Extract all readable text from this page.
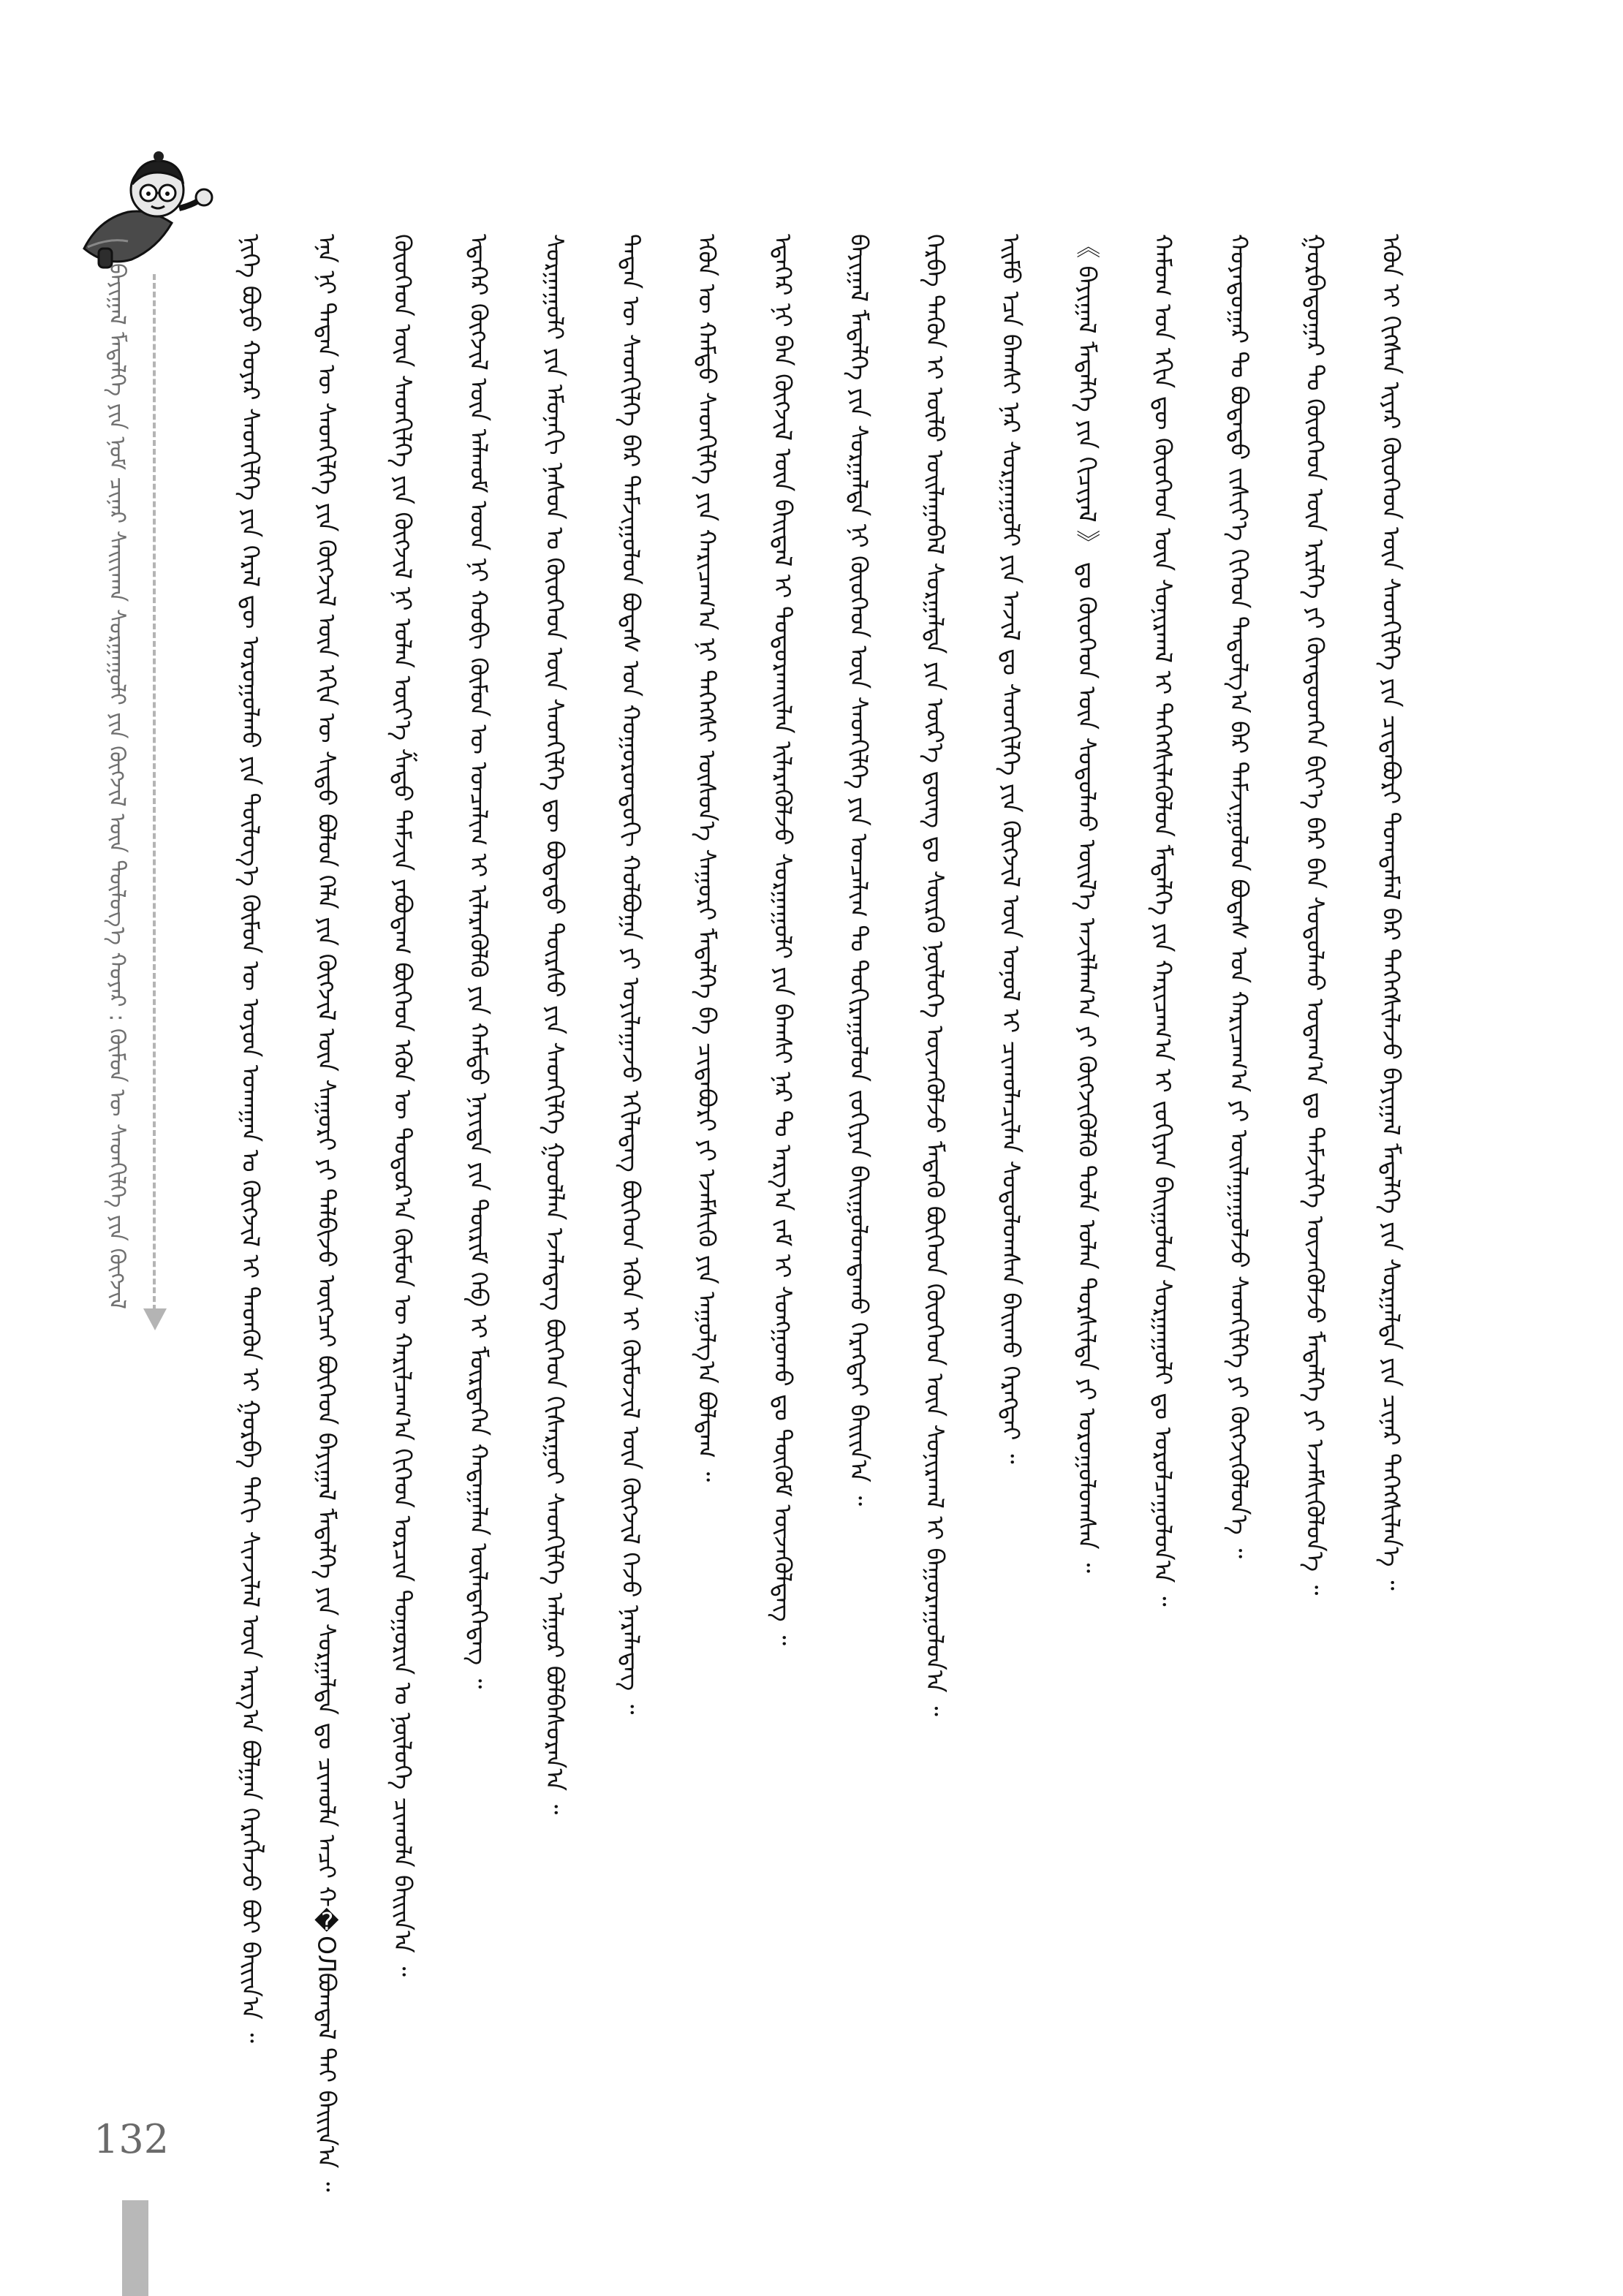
ᠪᠠᠶᠢᠭᠠᠯ ᠮᠡᠳᠡᠯᠭᠡ ᠶᠢᠨ ᠨᠣᠮ ᠴᠢᠨᠠᠷ ᠰᠠᠢᠢᠬᠠᠨ ᠰᠤᠷᠭᠠᠭᠤᠯᠢ ᠶᠢᠨ ᠬᠥᠭᠵᠢᠯ ᠦᠨ ᠲᠥᠯᠥᠭ᠎ᠡ ᠬᠣᠶᠠᠷ : ᠬᠦᠮᠦᠨ ᠦ ᠰᠡᠳᠬᠢᠯᠭᠡ ᠶᠢᠨ ᠬᠥᠭᠵᠢᠯ	ᠨᠢᠭᠡ ᠪᠤᠶᠤ ᠬᠣᠶᠠᠷ ᠰᠡᠳᠬᠢᠯᠭᠡ ᠶᠢᠨ ᠭᠡᠷᠡᠯ ᠳᠦ ᠣᠷᠤᠭᠤᠯᠬᠤ ᠶᠢᠨ ᠲᠥᠯᠥᠭ᠎ᠡ ᠬᠦᠮᠦᠨ ᠦ ᠣᠶᠤᠨ ᠤᠬᠠᠭᠠᠨ ᠤ ᠬᠥᠭᠵᠢᠯ ᠢ ᠲᠡᠳᠭᠦᠨ ᠢ ᠭᠤᠷᠪᠠ ᠳᠠᠬᠢ ᠰᠢᠨᠵᠢᠯᠡᠯ ᠦᠨ ᠠᠷᠭ᠎ᠠ ᠪᠣᠯᠭᠠᠨ ᠬᠡᠷᠡᠭᠯᠡᠵᠦ ᠪᠣᠢ ᠪᠠᠢᠢᠨ᠎ᠠ ᠃ ᠡᠨᠡ ᠨᠢ ᠲᠡᠳᠡᠨ ᠦ ᠰᠡᠳᠬᠢᠯᠭᠡ ᠶᠢᠨ ᠬᠥᠭᠵᠢᠯ ᠦᠨ ᠡᠬᠢᠨ ᠦ ᠰᠢᠲᠦ ᠪᠤᠯᠤᠨ ᠬᠡᠯᠡ ᠶᠢᠨ ᠬᠥᠭᠵᠢᠯ ᠦᠨ ᠰᠠᠭᠤᠷᠢ ᠶᠢ ᠲᠠᠯᠪᠢᠵᠤ ᠥᠭᠴᠡᠢ ᠪᠥᠭᠡᠳ ᠪᠠᠶᠢᠭᠠᠯ ᠮᠡᠳᠡᠯᠭᠡ ᠶᠢᠨ ᠰᠤᠷᠭᠠᠯᠲᠠ ᠳᠤ ᠴᠢᠬᠤᠯᠠ ᠠᠴᠢ ᠬ�ОЛᠪᠤᠭᠳᠠᠯ ᠲᠠᠢ ᠪᠠᠢᠢᠨ᠎ᠠ ᠃ ᠬᠦᠦᠬᠡᠳ ᠦᠨ ᠰᠡᠳᠬᠢᠯᠭᠡ ᠶᠢᠨ ᠬᠥᠭᠵᠢᠯ ᠨᠢ ᠣᠯᠠᠨ ᠦᠶ᠎ᠡ ᠱᠠᠲᠤ ᠳᠠᠮᠵᠢᠨ ᠶᠠᠪᠤᠳᠠᠭ ᠪᠥᠭᠡᠳ ᠡᠭᠦᠨ ᠦ ᠳᠣᠲᠣᠷ᠎ᠠ ᠬᠦᠮᠦᠨ ᠦ ᠬᠠᠷᠢᠯᠴᠠᠭ᠎ᠠ ᠬᠢᠬᠡᠳ ᠣᠷᠴᠢᠨ ᠲᠣᠭᠣᠷᠢᠨ ᠤ ᠨᠥᠯᠥᠭᠡ ᠴᠢᠬᠤᠯᠠ ᠪᠠᠢᠢᠨ᠎ᠠ ᠃ ᠡᠳᠡᠭᠡᠷ ᠬᠥᠭᠵᠢᠯ ᠦᠨ ᠠᠯᠬᠤᠮ ᠤᠳ ᠨᠢ ᠬᠤᠪᠢ ᠬᠦᠮᠦᠨ ᠦ ᠣᠨᠴᠠᠯᠢᠭ ᠢ ᠢᠯᠡᠷᠡᠭᠦᠯᠬᠦ ᠶᠢᠨ ᠬᠠᠮᠲᠤ ᠨᠡᠶᠢᠲᠡ ᠶᠢᠨ ᠳᠦᠷᠢᠮ ᠬᠡᠪ ᠢ ᠮᠥᠷᠲᠡᠭᠡᠨ ᠬᠠᠳᠠᠭᠠᠯᠠᠨ ᠦᠯᠡᠳᠡᠭᠡᠳᠡᠭ ᠃ ᠰᠤᠷᠭᠠᠭᠤᠯᠢ ᠶᠢᠨ ᠡᠮᠦᠨᠡᠬᠢ ᠨᠠᠰᠤᠨ ᠤ ᠬᠦᠦᠬᠡᠳ ᠦᠨ ᠰᠡᠳᠬᠢᠯᠭᠡ ᠳᠦ ᠪᠣᠳᠠᠲᠤ ᠳᠦᠷᠰᠦ ᠶᠢᠨ ᠰᠡᠳᠬᠢᠯᠭᠡ ᠭᠣᠣᠯᠯᠠᠨ ᠡᠵᠡᠯᠡᠳᠡᠭ ᠪᠥᠭᠡᠳ ᠬᠢᠰᠠᠷᠭᠤᠢ ᠰᠡᠳᠬᠢᠯᠭᠡ ᠠᠯᠭᠤᠷ ᠪᠣᠯᠪᠠᠰᠤᠷᠠᠨ᠎ᠠ ᠃ ᠲᠡᠳᠡᠨ ᠦ ᠰᠡᠳᠬᠢᠯᠭᠡ ᠪᠡᠷ ᠳᠠᠮᠵᠢᠭᠤᠯᠤᠨ ᠪᠣᠳᠠᠰ ᠤᠨ ᠬᠣᠭᠣᠷᠣᠨᠳᠤᠬᠢ ᠬᠣᠯᠪᠣᠭᠠ ᠶᠢ ᠣᠶᠢᠯᠠᠭᠠᠵᠤ ᠡᠬᠢᠯᠡᠳᠡᠭ ᠪᠥᠭᠡᠳ ᠡᠭᠦᠨ ᠢ ᠬᠦᠮᠦᠵᠢᠯ ᠦᠨ ᠬᠥᠭᠵᠢᠯ ᠭᠡᠵᠦ ᠨᠡᠷᠡᠯᠡᠳᠡᠭ ᠃ ᠡᠭᠦᠨ ᠦ ᠬᠠᠮᠲᠤ ᠰᠡᠳᠬᠢᠯᠭᠡ ᠶᠢᠨ ᠬᠠᠷᠢᠴᠠᠭ᠎ᠠ ᠨᠢ ᠳᠡᠭᠡᠭᠰᠢ ᠥᠰᠦᠨ᠎ᠡ ᠰᠠᠭᠤᠷᠢ ᠮᠡᠳᠡᠯᠭᠡ ᠪᠠ ᠴᠢᠳᠠᠪᠤᠷᠢ ᠶᠢ ᠡᠵᠡᠮᠰᠢᠬᠦ ᠶᠢᠨ ᠠᠭᠤᠯᠭ᠎ᠠ ᠪᠣᠯᠳᠠᠭ ᠃ ᠡᠳᠡᠭᠡᠷ ᠨᠢ ᠪᠡᠨ ᠬᠥᠭᠵᠢᠯ ᠦᠨ ᠪᠠᠢᠳᠠᠯ ᠢ ᠲᠣᠳᠣᠷᠬᠠᠢᠯᠠᠨ ᠢᠯᠡᠷᠡᠭᠦᠯᠵᠦ ᠰᠤᠷᠭᠠᠭᠤᠯᠢ ᠶᠢᠨ ᠪᠠᠭᠰᠢ ᠨᠠᠷ ᠲᠤ ᠠᠷᠭ᠎ᠠ ᠵᠠᠮ ᠢ ᠰᠣᠩᠭᠣᠬᠤ ᠳᠤ ᠳᠥᠬᠦᠮ ᠦᠵᠡᠭᠦᠯᠳᠡᠭ ᠃ ᠪᠠᠶᠢᠭᠠᠯ ᠮᠡᠳᠡᠯᠭᠡ ᠶᠢᠨ ᠰᠤᠷᠭᠠᠯᠲᠠ ᠨᠢ ᠬᠦᠦᠬᠡᠳ ᠦᠨ ᠰᠡᠳᠬᠢᠯᠭᠡ ᠶᠢᠨ ᠣᠨᠴᠠᠯᠢᠭ ᠲᠤ ᠲᠣᠬᠢᠷᠠᠭᠤᠯᠤᠨ ᠵᠣᠬᠢᠶᠠᠨ ᠪᠠᠢᠭᠤᠯᠤᠭᠳᠠᠬᠤ ᠬᠡᠷᠡᠭᠲᠡᠢ ᠪᠠᠢᠢᠨ᠎ᠠ ᠃ ᠬᠡᠷᠪᠡ ᠲᠡᠭᠦᠨ ᠢ ᠦᠯᠦ ᠣᠢᠯᠠᠭᠠᠪᠠᠯ ᠰᠤᠷᠭᠠᠯᠲᠠ ᠶᠢᠨ ᠦᠷ᠎ᠡ ᠳ᠋ᠦᠩ ᠳᠤ ᠰᠥᠷᠭᠦ ᠨᠥᠯᠥᠭᠡ ᠦᠵᠡᠭᠦᠯᠵᠦ ᠮᠡᠳᠡᠬᠦ ᠪᠥᠭᠡᠳ ᠬᠦᠦᠬᠡᠳ ᠦᠨ ᠰᠣᠨᠢᠷᠬᠠᠯ ᠢ ᠪᠠᠭᠤᠷᠠᠭᠤᠯᠤᠨ᠎ᠠ ᠃ ᠡᠢᠮᠦ ᠡᠴᠡ ᠪᠠᠭᠰᠢ ᠨᠠᠷ ᠰᠤᠷᠭᠠᠭᠤᠯᠢ ᠶᠢᠨ ᠠᠵᠢᠯ ᠳᠤ ᠰᠡᠳᠬᠢᠯᠭᠡ ᠶᠢᠨ ᠬᠥᠭᠵᠢᠯ ᠦᠨ ᠣᠨᠣᠯ ᠢ ᠴᠢᠬᠤᠯᠠᠴᠢᠯᠠᠨ ᠰᠤᠳᠤᠯᠤᠭᠰᠠᠨ ᠪᠠᠢᠬᠤ ᠬᠡᠷᠡᠭᠲᠡᠢ ᠃ 《 ᠪᠠᠶᠢᠭᠠᠯ ᠮᠡᠳᠡᠯᠭᠡ ᠶᠢᠨ ᠬᠢᠴᠢᠶᠡᠯ 》 ᠳᠤ ᠬᠦᠦᠬᠡᠳ ᠦᠨ ᠰᠤᠳᠤᠯᠬᠤ ᠦᠢᠯ᠎ᠡ ᠠᠵᠢᠯᠯᠠᠭ᠎ᠠ ᠶᠢ ᠬᠥᠭᠵᠢᠭᠦᠯᠬᠦ ᠲᠤᠯᠠ ᠣᠯᠠᠨ ᠲᠤᠷᠰᠢᠯᠲᠠ ᠶᠢ ᠣᠷᠣᠭᠤᠯᠤᠭᠰᠠᠨ ᠃ ᠬᠠᠮᠤᠭ ᠤᠨ ᠡᠬᠢᠨ ᠳᠦ ᠬᠦᠦᠬᠡᠳ ᠦᠨ ᠰᠣᠨᠢᠷᠬᠠᠯ ᠢ ᠳᠡᠭᠡᠭᠰᠢᠯᠡᠭᠦᠯᠦᠨ ᠮᠡᠳᠡᠯᠭᠡ ᠶᠢᠨ ᠬᠠᠷᠢᠴᠠᠭ᠎ᠠ ᠢ ᠵᠣᠬᠢᠶᠠᠨ ᠪᠠᠢᠭᠤᠯᠤᠨ ᠰᠤᠷᠭᠠᠭᠤᠯᠢ ᠳᠤ ᠣᠷᠣᠯᠴᠠᠭᠤᠯᠤᠨ᠎ᠠ ᠃ ᠬᠣᠶᠠᠳᠤᠭᠠᠷ ᠲᠤ ᠪᠣᠳᠠᠲᠤ ᠵᠢᠱᠢᠶ᠎ᠡ ᠬᠢᠭᠡᠳ ᠳᠠᠳᠤᠯᠭ᠎ᠠ ᠪᠡᠷ ᠳᠠᠮᠵᠢᠭᠤᠯᠤᠨ ᠪᠣᠳᠠᠰ ᠤᠨ ᠬᠠᠷᠢᠴᠠᠭ᠎ᠠ ᠶᠢ ᠤᠢᠯᠠᠭᠠᠭᠤᠯᠵᠤ ᠰᠡᠳᠬᠢᠯᠭᠡ ᠶᠢ ᠬᠥᠭᠵᠢᠭᠦᠯᠦᠨ᠎ᠡ ᠃ ᠭᠤᠷᠪᠠᠳᠤᠭᠠᠷ ᠲᠤ ᠬᠦᠦᠬᠡᠳ ᠦᠨ ᠡᠷᠢᠯᠬᠡ ᠶᠢ ᠬᠦᠨᠳᠦᠳᠬᠡᠨ ᠪᠢᠶ᠎ᠡ ᠪᠡᠷ ᠪᠡᠨ ᠰᠤᠳᠤᠯᠬᠤ ᠤᠳᠠᠭ᠎ᠠ ᠳᠤ ᠳᠡᠮᠵᠢᠯᠭᠡ ᠦᠵᠡᠭᠦᠯᠵᠦ ᠮᠡᠳᠡᠯᠭᠡ ᠶᠢ ᠡᠵᠡᠮᠰᠢᠭᠦᠯᠦᠨ᠎ᠡ ᠃ ᠡᠭᠦᠨ ᠢ ᠬᠢᠭᠰᠡᠨ ᠢᠶᠡᠷ ᠬᠦᠦᠬᠡᠳ ᠦᠨ ᠰᠡᠳᠬᠢᠯᠭᠡ ᠶᠢᠨ ᠴᠢᠳᠠᠪᠤᠷᠢ ᠲᠣᠭᠲᠠᠮᠠᠯ ᠪᠠᠷ ᠳᠡᠭᠡᠭᠰᠢᠯᠡᠵᠦ ᠪᠠᠶᠢᠭᠠᠯ ᠮᠡᠳᠡᠯᠭᠡ ᠶᠢᠨ ᠰᠤᠷᠭᠠᠯᠲᠠ ᠶᠢᠨ ᠴᠢᠨᠠᠷ ᠳᠡᠭᠡᠭᠰᠢᠯᠡᠨ᠎ᠡ ᠃
132
